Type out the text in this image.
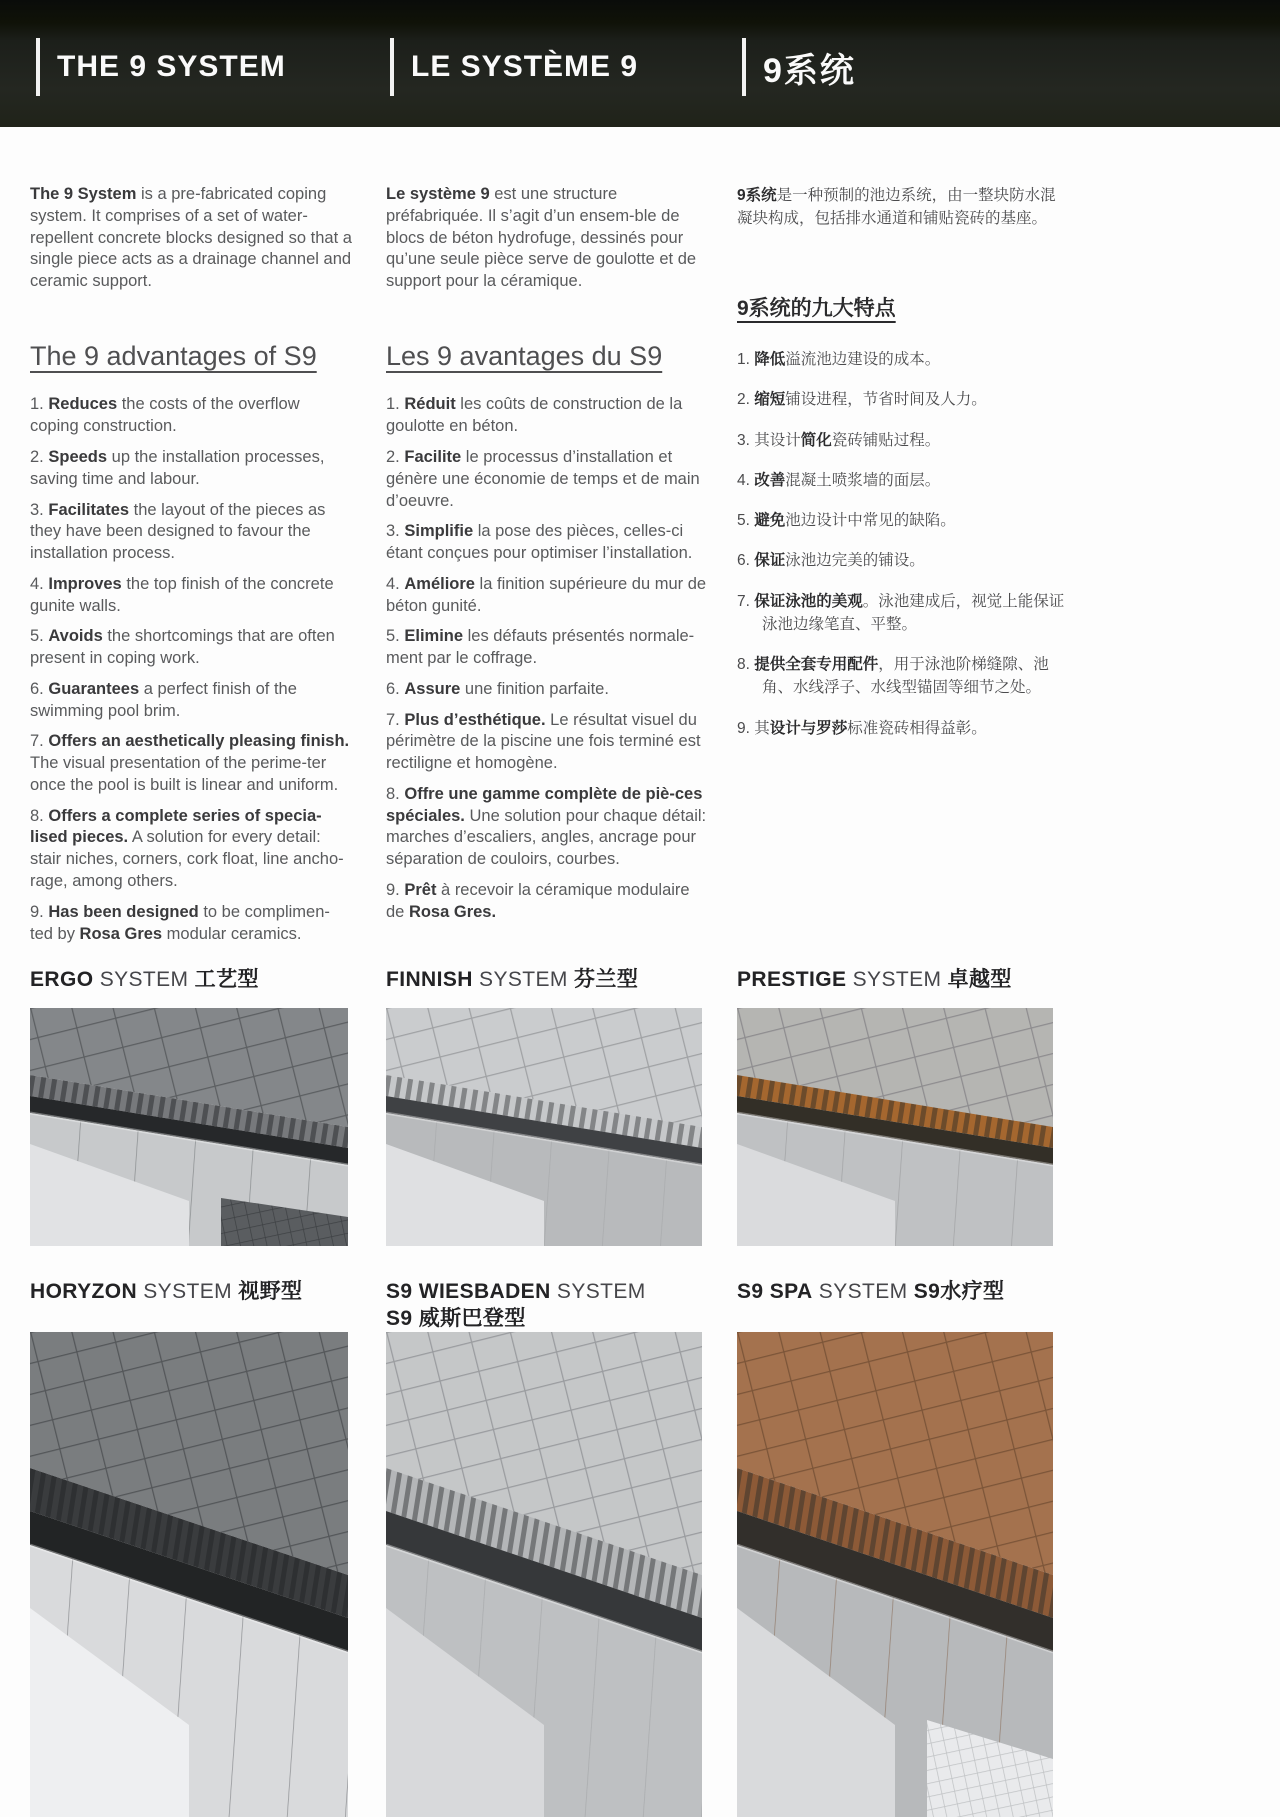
THE 9 SYSTEM	LE SYSTÈME 9	9系统

The 9 System is a pre-fabricated coping system. It comprises of a set of water-repellent concrete blocks designed so that a single piece acts as a drainage channel and ceramic support.

The 9 advantages of S9
1. Reduces the costs of the overflow coping construction.
2. Speeds up the installation processes, saving time and labour.
3. Facilitates the layout of the pieces as they have been designed to favour the installation process.
4. Improves the top finish of the concrete gunite walls.
5. Avoids the shortcomings that are often present in coping work.
6. Guarantees a perfect finish of the swimming pool brim.
7. Offers an aesthetically pleasing finish. The visual presentation of the perime-ter once the pool is built is linear and uniform.
8. Offers a complete series of specia-lised pieces. A solution for every detail: stair niches, corners, cork float, line ancho-rage, among others.
9. Has been designed to be complimen-ted by Rosa Gres modular ceramics.

Le système 9 est une structure préfabriquée. Il s’agit d’un ensem-ble de blocs de béton hydrofuge, dessinés pour qu’une seule pièce serve de goulotte et de support pour la céramique.

Les 9 avantages du S9
1. Réduit les coûts de construction de la goulotte en béton.
2. Facilite le processus d’installation et génère une économie de temps et de main d’oeuvre.
3. Simplifie la pose des pièces, celles-ci étant conçues pour optimiser l’installation.
4. Améliore la finition supérieure du mur de béton gunité.
5. Elimine les défauts présentés normale-ment par le coffrage.
6. Assure une finition parfaite.
7. Plus d’esthétique. Le résultat visuel du périmètre de la piscine une fois terminé est rectiligne et homogène.
8. Offre une gamme complète de piè-ces spéciales. Une solution pour chaque détail: marches d’escaliers, angles, ancrage pour séparation de couloirs, courbes.
9. Prêt à recevoir la céramique modulaire de Rosa Gres.

9系统是一种预制的池边系统，由一整块防水混凝块构成，包括排水通道和铺贴瓷砖的基座。

9系统的九大特点
1. 降低溢流池边建设的成本。
2. 缩短铺设进程，节省时间及人力。
3. 其设计简化瓷砖铺贴过程。
4. 改善混凝土喷浆墙的面层。
5. 避免池边设计中常见的缺陷。
6. 保证泳池边完美的铺设。
7. 保证泳池的美观。泳池建成后，视觉上能保证泳池边缘笔直、平整。
8. 提供全套专用配件，用于泳池阶梯缝隙、池角、水线浮子、水线型锚固等细节之处。
9. 其设计与罗莎标准瓷砖相得益彰。
ERGO SYSTEM 工艺型	FINNISH SYSTEM 芬兰型	PRESTIGE SYSTEM 卓越型
HORYZON SYSTEM 视野型	S9 WIESBADEN SYSTEM
S9 威斯巴登型
S9 SPA SYSTEM S9水疗型
